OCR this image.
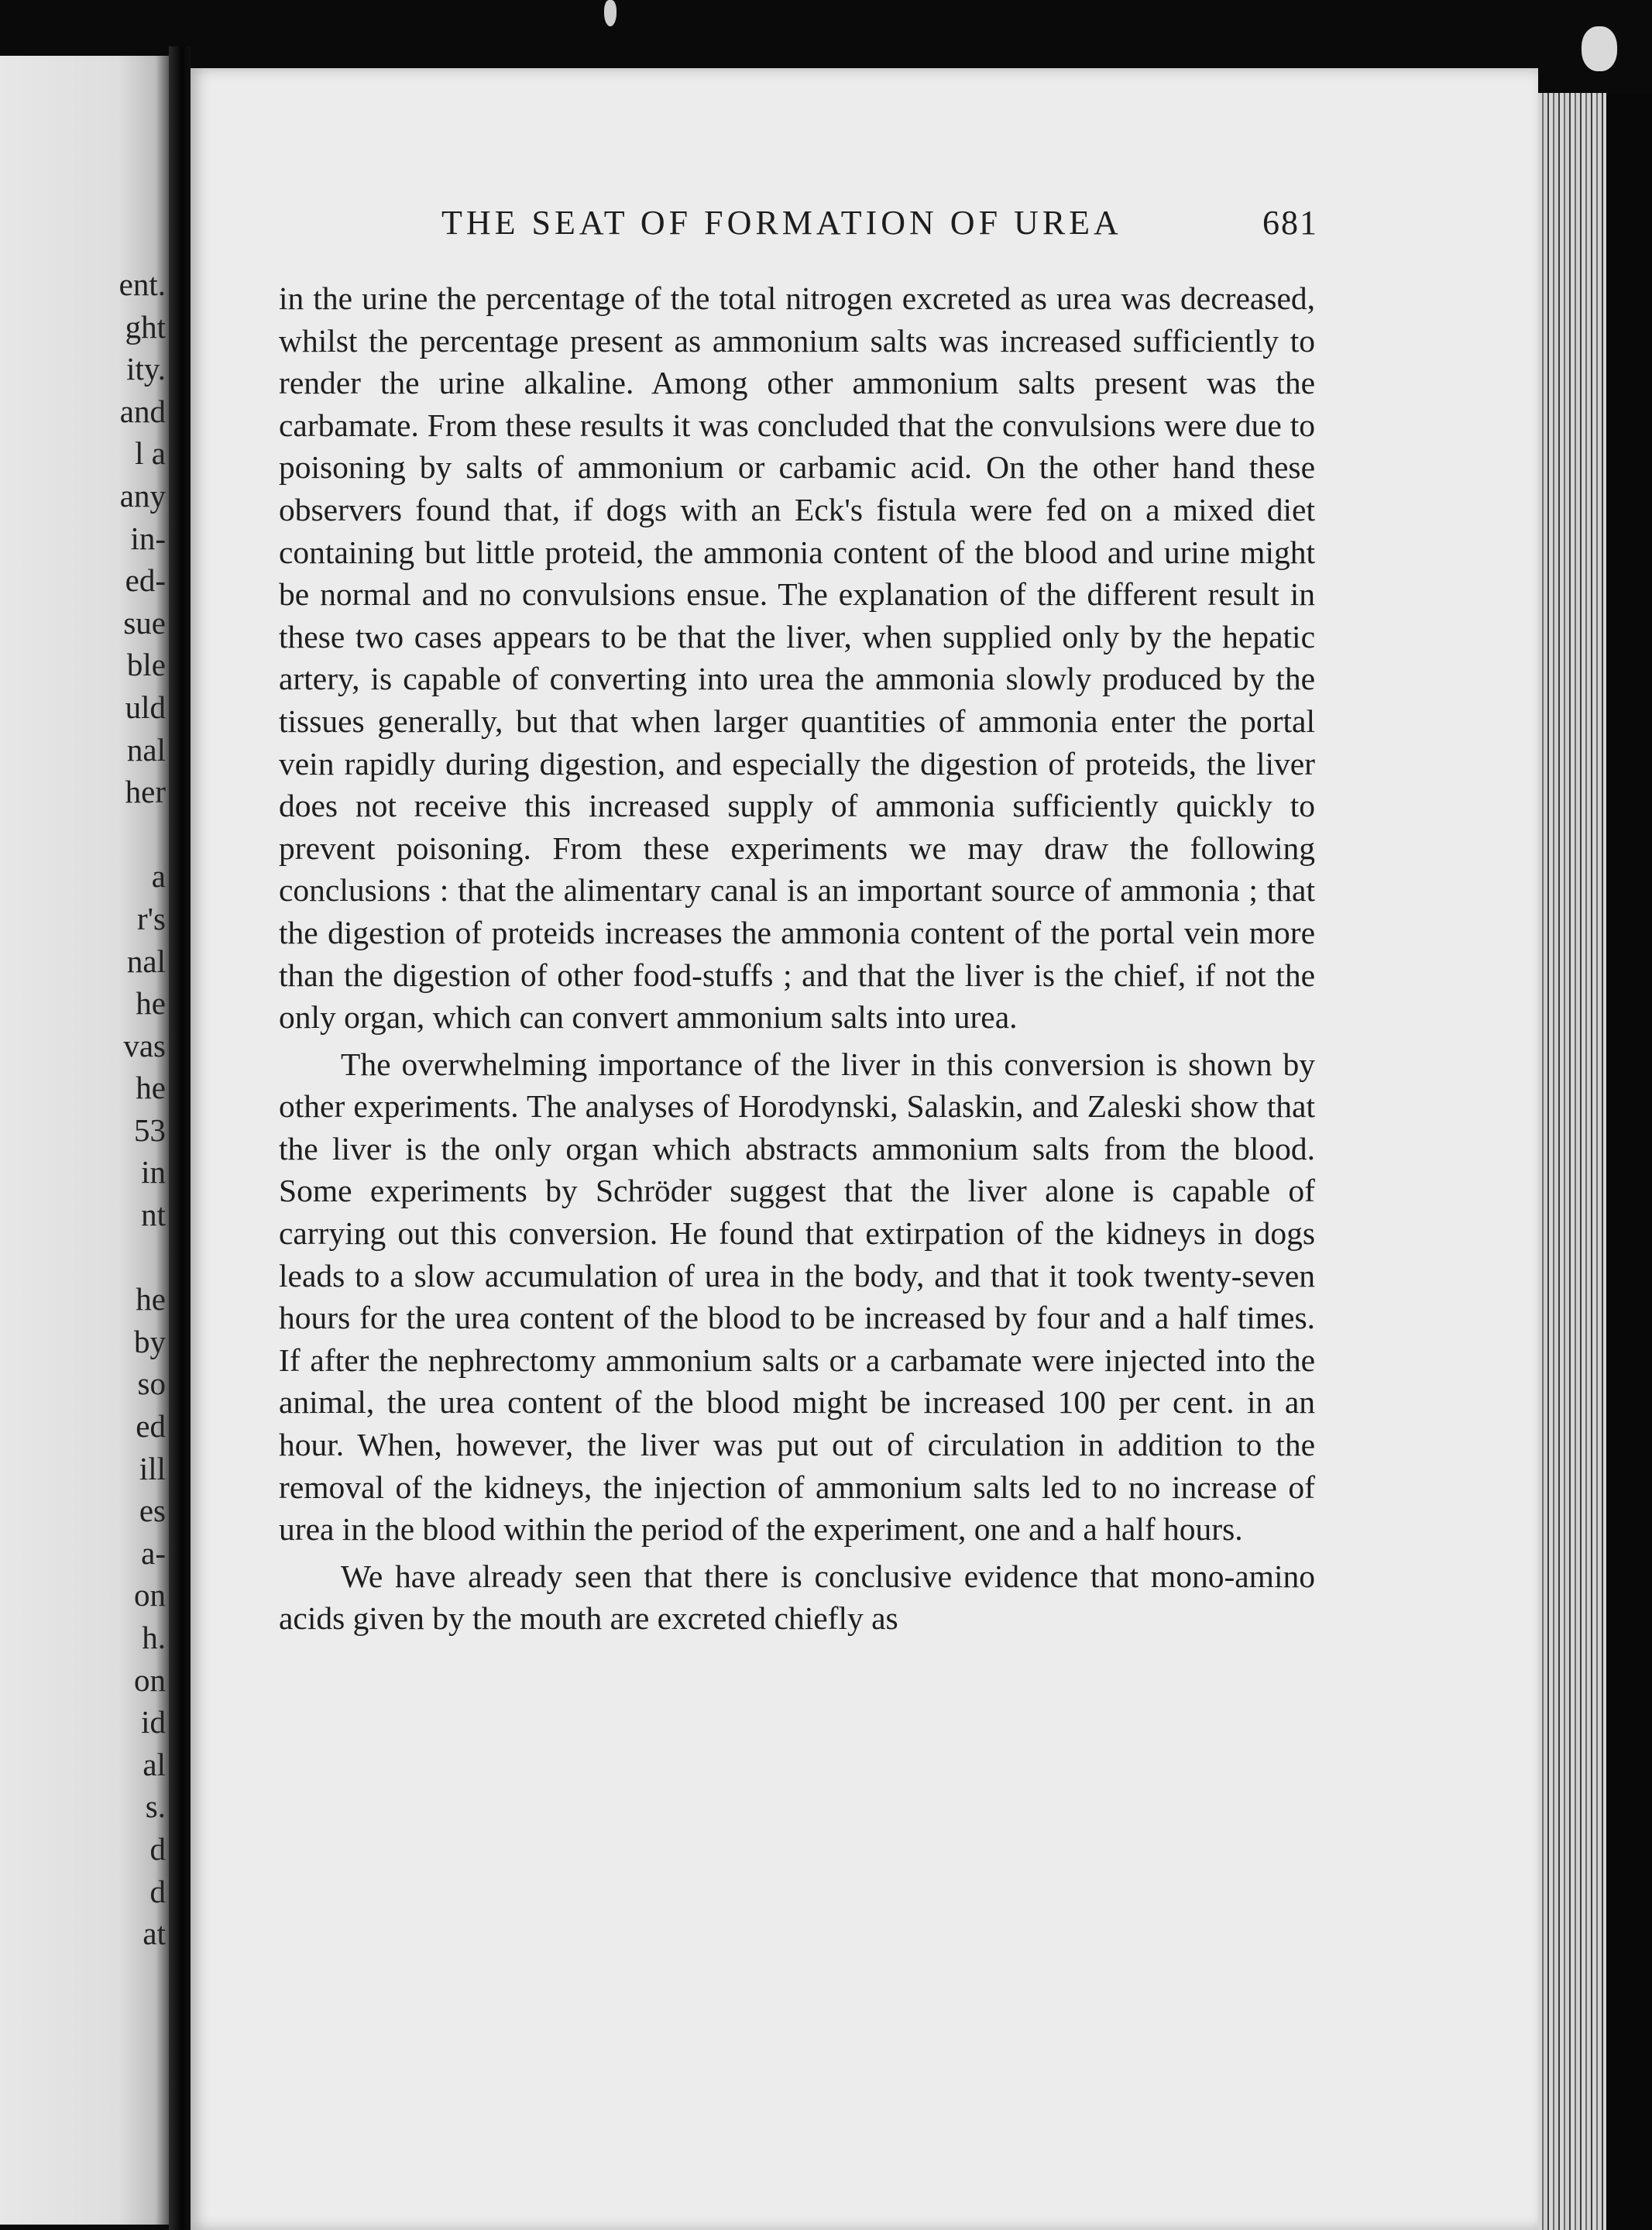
ent.
ght
ity.
and
l a
any
in-
ed-
sue
ble
uld
nal
her
a
r's
nal
he
vas
he
53
in
nt
he
by
so
ed
ill
es
a-
on
h.
on
id
al
s.
d
d
at
THE SEAT OF FORMATION OF UREA	681

in the urine the percentage of the total nitrogen excreted as urea was decreased, whilst the percentage present as ammonium salts was increased sufficiently to render the urine alkaline. Among other ammonium salts present was the carbamate. From these results it was concluded that the convulsions were due to poisoning by salts of ammonium or carbamic acid. On the other hand these observers found that, if dogs with an Eck's fistula were fed on a mixed diet containing but little proteid, the ammonia content of the blood and urine might be normal and no convulsions ensue. The explanation of the different result in these two cases appears to be that the liver, when supplied only by the hepatic artery, is capable of converting into urea the ammonia slowly produced by the tissues generally, but that when larger quantities of ammonia enter the portal vein rapidly during digestion, and especially the digestion of proteids, the liver does not receive this increased supply of ammonia sufficiently quickly to prevent poisoning. From these experiments we may draw the following conclusions : that the alimentary canal is an important source of ammonia ; that the digestion of proteids increases the ammonia content of the portal vein more than the digestion of other food-stuffs ; and that the liver is the chief, if not the only organ, which can convert ammonium salts into urea.

The overwhelming importance of the liver in this conversion is shown by other experiments. The analyses of Horodynski, Salaskin, and Zaleski show that the liver is the only organ which abstracts ammonium salts from the blood. Some experiments by Schröder suggest that the liver alone is capable of carrying out this conversion. He found that extirpation of the kidneys in dogs leads to a slow accumulation of urea in the body, and that it took twenty-seven hours for the urea content of the blood to be increased by four and a half times. If after the nephrectomy ammonium salts or a carbamate were injected into the animal, the urea content of the blood might be increased 100 per cent. in an hour. When, however, the liver was put out of circulation in addition to the removal of the kidneys, the injection of ammonium salts led to no increase of urea in the blood within the period of the experiment, one and a half hours.

We have already seen that there is conclusive evidence that mono-amino acids given by the mouth are excreted chiefly as
